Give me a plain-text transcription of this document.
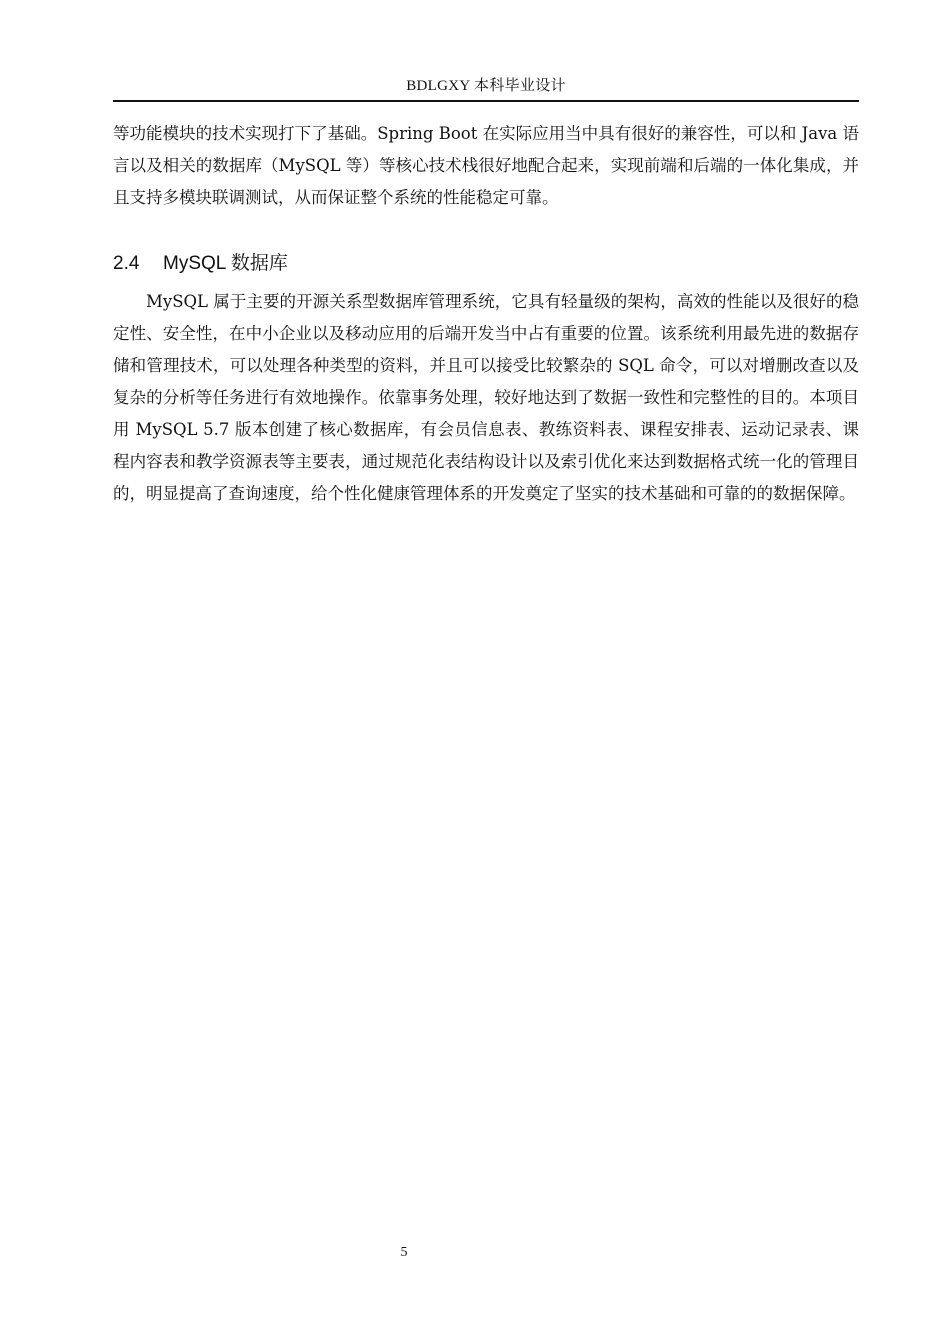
BDLGXY 本科毕业设计

等功能模块的技术实现打下了基础。Spring Boot 在实际应用当中具有很好的兼容性，可以和 Java 语言以及相关的数据库（MySQL 等）等核心技术栈很好地配合起来，实现前端和后端的一体化集成，并且支持多模块联调测试，从而保证整个系统的性能稳定可靠。

2.4 MySQL 数据库

MySQL 属于主要的开源关系型数据库管理系统，它具有轻量级的架构，高效的性能以及很好的稳定性、安全性，在中小企业以及移动应用的后端开发当中占有重要的位置。该系统利用最先进的数据存储和管理技术，可以处理各种类型的资料，并且可以接受比较繁杂的 SQL 命令，可以对增删改查以及复杂的分析等任务进行有效地操作。依靠事务处理，较好地达到了数据一致性和完整性的目的。本项目用 MySQL 5.7 版本创建了核心数据库，有会员信息表、教练资料表、课程安排表、运动记录表、课程内容表和教学资源表等主要表，通过规范化表结构设计以及索引优化来达到数据格式统一化的管理目的，明显提高了查询速度，给个性化健康管理体系的开发奠定了坚实的技术基础和可靠的的数据保障。

5
